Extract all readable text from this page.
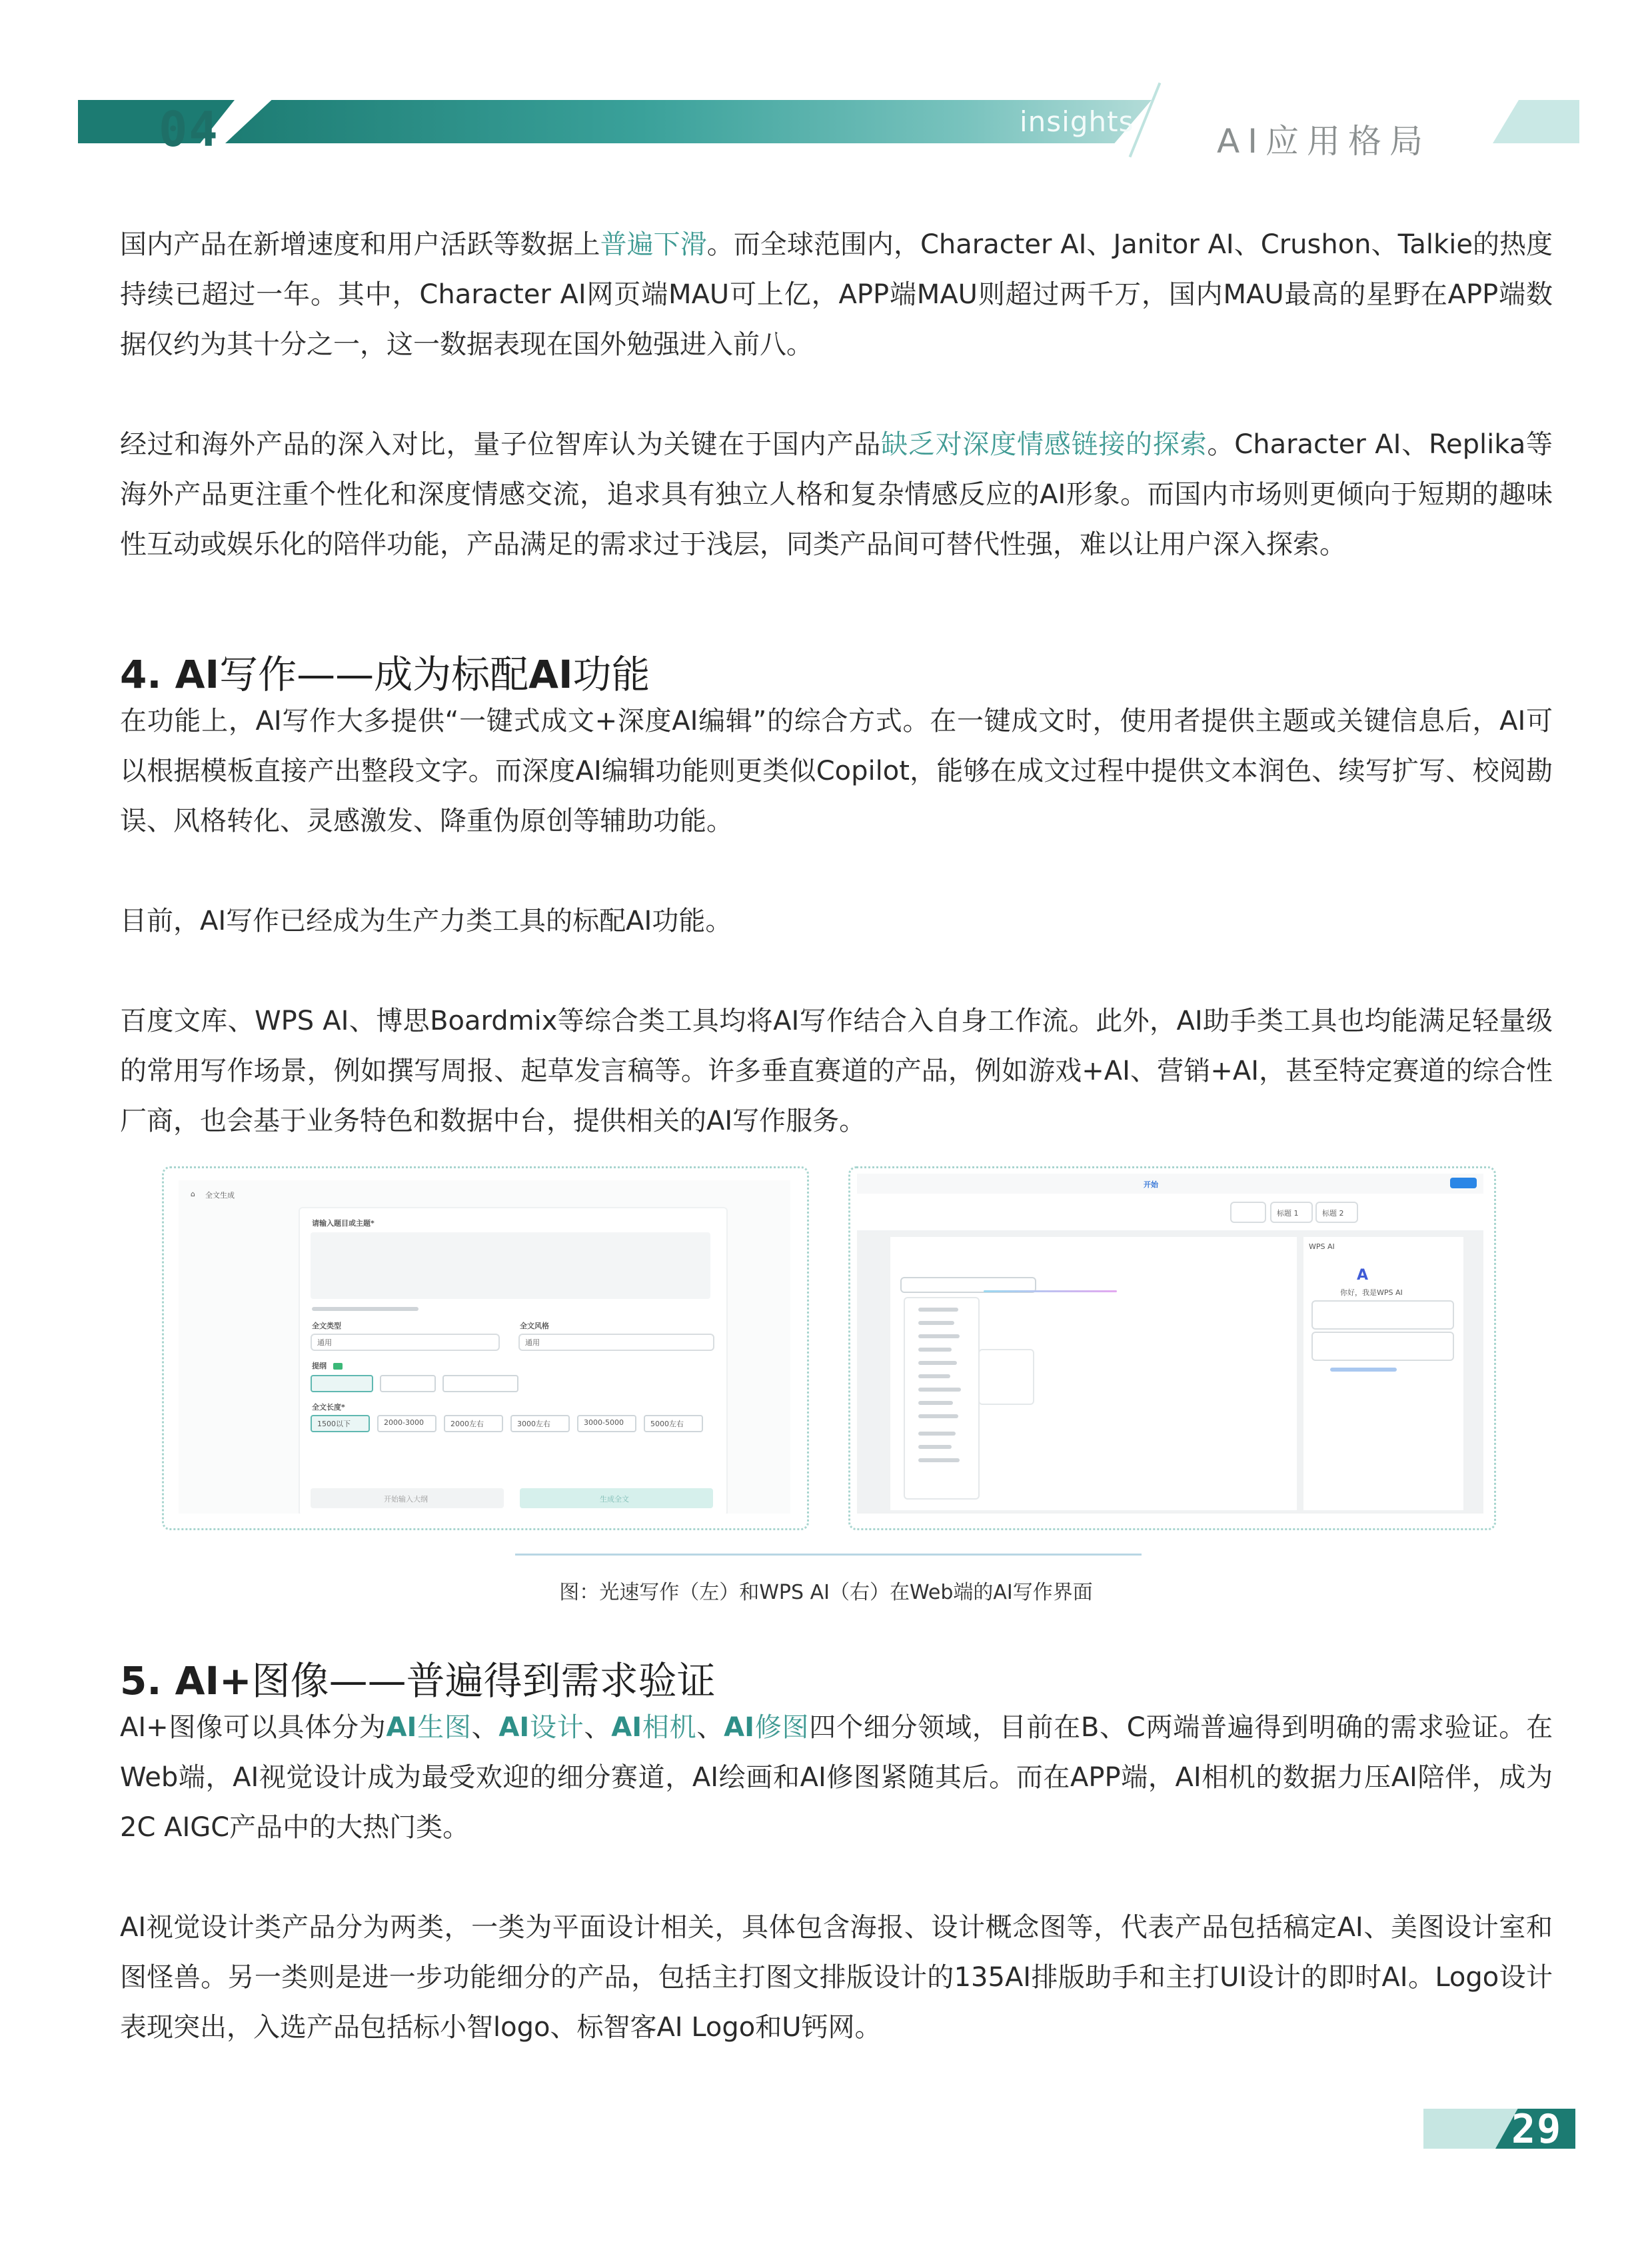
04	insights
AI应用格局

国内产品在新增速度和用户活跃等数据上普遍下滑。而全球范围内，Character AI、Janitor AI、Crushon、Talkie的热度持续已超过一年。其中，Character AI网页端MAU可上亿，APP端MAU则超过两千万，国内MAU最高的星野在APP端数据仅约为其十分之一，这一数据表现在国外勉强进入前八。

经过和海外产品的深入对比，量子位智库认为关键在于国内产品缺乏对深度情感链接的探索。Character AI、Replika等海外产品更注重个性化和深度情感交流，追求具有独立人格和复杂情感反应的AI形象。而国内市场则更倾向于短期的趣味性互动或娱乐化的陪伴功能，产品满足的需求过于浅层，同类产品间可替代性强，难以让用户深入探索。

4. AI写作——成为标配AI功能

在功能上，AI写作大多提供“一键式成文+深度AI编辑”的综合方式。在一键成文时，使用者提供主题或关键信息后，AI可以根据模板直接产出整段文字。而深度AI编辑功能则更类似Copilot，能够在成文过程中提供文本润色、续写扩写、校阅勘误、风格转化、灵感激发、降重伪原创等辅助功能。

目前，AI写作已经成为生产力类工具的标配AI功能。

百度文库、WPS AI、博思Boardmix等综合类工具均将AI写作结合入自身工作流。此外，AI助手类工具也均能满足轻量级的常用写作场景，例如撰写周报、起草发言稿等。许多垂直赛道的产品，例如游戏+AI、营销+AI，甚至特定赛道的综合性厂商，也会基于业务特色和数据中台，提供相关的AI写作服务。

⌂ 全文生成
请输入题目或主题*
全文类型
通用
全文风格
通用
提纲
全文长度*
1500以下	2000-3000	2000左右	3000左右	3000-5000	5000左右
开始输入大纲	生成全文
开始
标题 1	标题 2
WPS AI
A
你好，我是WPS AI
图：光速写作（左）和WPS AI（右）在Web端的AI写作界面
5. AI+图像——普遍得到需求验证

AI+图像可以具体分为AI生图、AI设计、AI相机、AI修图四个细分领域，目前在B、C两端普遍得到明确的需求验证。在Web端，AI视觉设计成为最受欢迎的细分赛道，AI绘画和AI修图紧随其后。而在APP端，AI相机的数据力压AI陪伴，成为2C AIGC产品中的大热门类。

AI视觉设计类产品分为两类，一类为平面设计相关，具体包含海报、设计概念图等，代表产品包括稿定AI、美图设计室和图怪兽。另一类则是进一步功能细分的产品，包括主打图文排版设计的135AI排版助手和主打UI设计的即时AI。Logo设计表现突出，入选产品包括标小智logo、标智客AI Logo和U钙网。

29
